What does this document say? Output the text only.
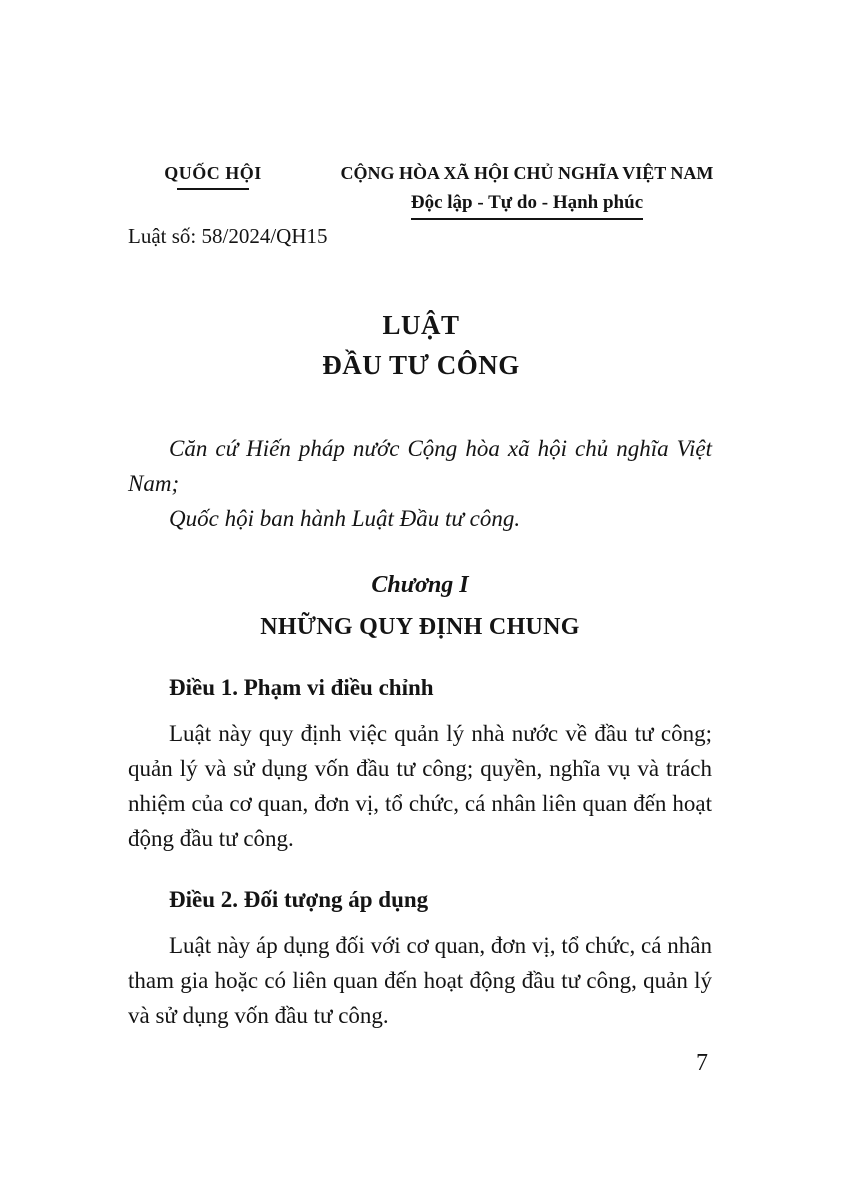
QUỐC HỘI	CỘNG HÒA XÃ HỘI CHỦ NGHĨA VIỆT NAM
Độc lập - Tự do - Hạnh phúc
Luật số: 58/2024/QH15
LUẬT
ĐẦU TƯ CÔNG

Căn cứ Hiến pháp nước Cộng hòa xã hội chủ nghĩa Việt Nam;

Quốc hội ban hành Luật Đầu tư công.

Chương I
NHỮNG QUY ĐỊNH CHUNG

Điều 1. Phạm vi điều chỉnh

Luật này quy định việc quản lý nhà nước về đầu tư công; quản lý và sử dụng vốn đầu tư công; quyền, nghĩa vụ và trách nhiệm của cơ quan, đơn vị, tổ chức, cá nhân liên quan đến hoạt động đầu tư công.

Điều 2. Đối tượng áp dụng

Luật này áp dụng đối với cơ quan, đơn vị, tổ chức, cá nhân tham gia hoặc có liên quan đến hoạt động đầu tư công, quản lý và sử dụng vốn đầu tư công.

7
